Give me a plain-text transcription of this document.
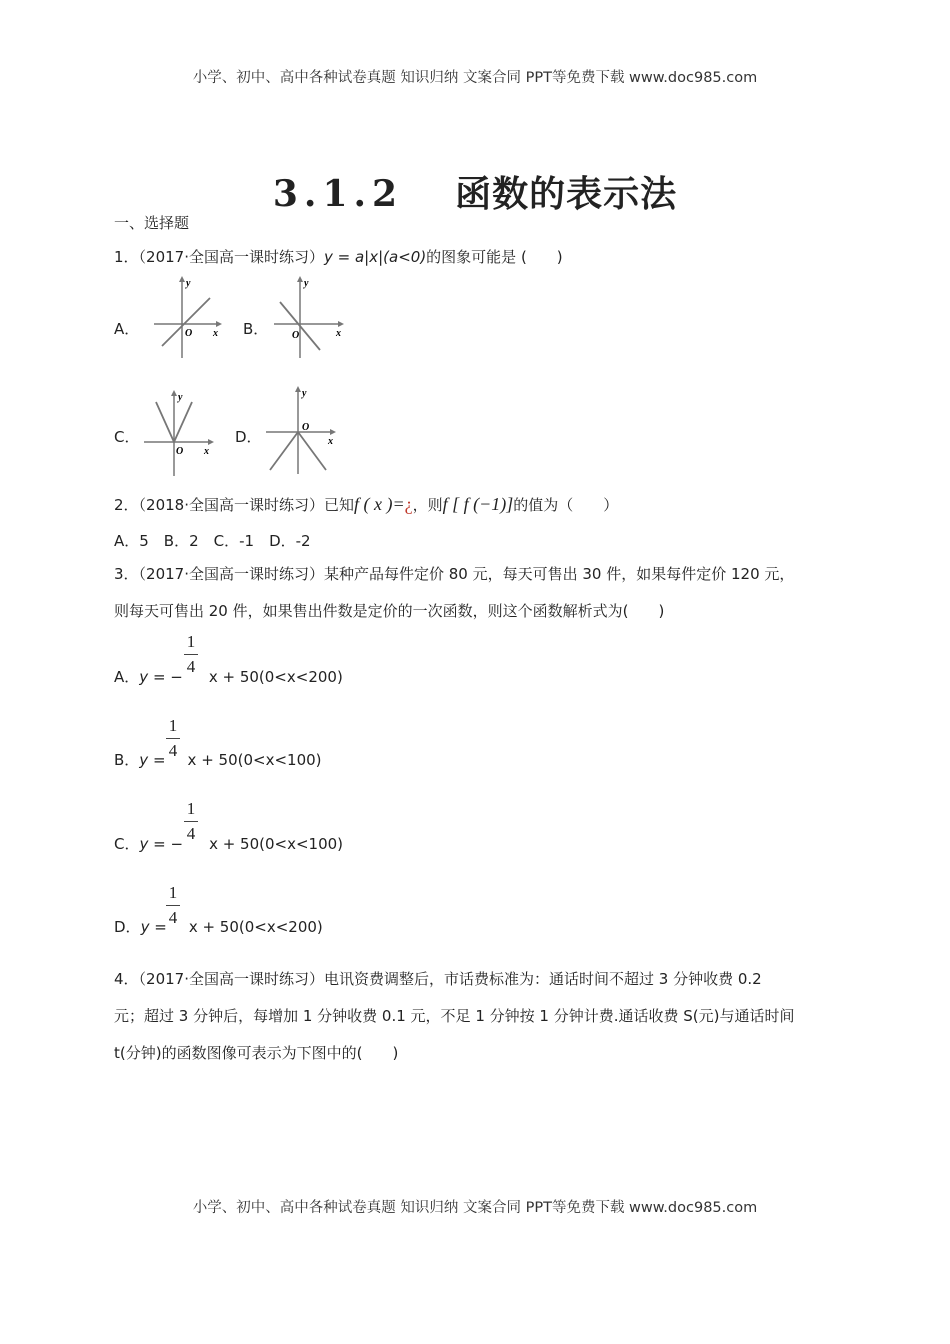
小学、初中、高中各种试卷真题 知识归纳 文案合同 PPT等免费下载 www.doc985.com
3.1.2 函数的表示法
一、选择题
1．（2017·全国高一课时练习）y = a|x|(a<0)的图象可能是 (　　)
A．
y
x
O	B．
y
x
O
C．
y
x
O
D．
y
x
O
2．（2018·全国高一课时练习）已知f ( x )=¿，则f [ f (−1)]的值为（　　）
A．5　B．2　C．-1　D．-2
3．（2017·全国高一课时练习）某种产品每件定价 80 元，每天可售出 30 件，如果每件定价 120 元，
则每天可售出 20 件，如果售出件数是定价的一次函数，则这个函数解析式为(　　)
A．y = − x + 50(0<x<200)
1
4
B．y = x + 50(0<x<100)
1
4
C．y = − x + 50(0<x<100)
1
4
D．y = x + 50(0<x<200)
1
4
4．（2017·全国高一课时练习）电讯资费调整后，市话费标准为：通话时间不超过 3 分钟收费 0.2
元；超过 3 分钟后，每增加 1 分钟收费 0.1 元，不足 1 分钟按 1 分钟计费.通话收费 S(元)与通话时间
t(分钟)的函数图像可表示为下图中的(　　)
小学、初中、高中各种试卷真题 知识归纳 文案合同 PPT等免费下载 www.doc985.com
